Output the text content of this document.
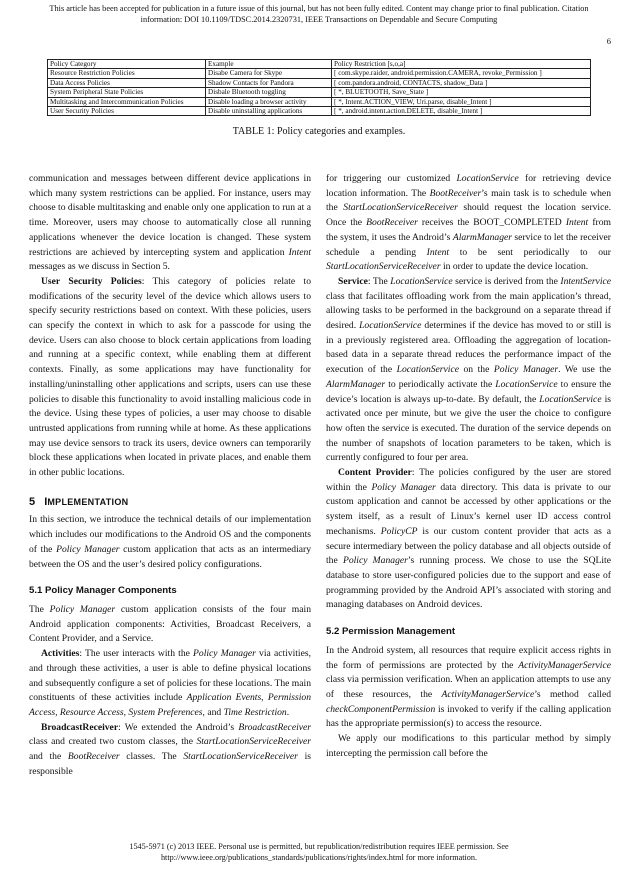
This article has been accepted for publication in a future issue of this journal, but has not been fully edited. Content may change prior to final publication. Citation
information: DOI 10.1109/TDSC.2014.2320731, IEEE Transactions on Dependable and Secure Computing
6
Policy Category	Example	Policy Restriction [s,o,a]
Resource Restriction Policies	Disabe Camera for Skype	[ com.skype.raider, android.permission.CAMERA, revoke_Permission ]
Data Access Policies	Shadow Contacts for Pandora	[ com.pandora.android, CONTACTS, shadow_Data ]
System Peripheral State Policies	Disbale Bluetooth toggling	[ *, BLUETOOTH, Save_State ]
Multitasking and Intercommunication Policies	Disable loading a browser activity	[ *, Intent.ACTION_VIEW, Uri.parse, disable_Intent ]
User Security Policies	Disable uninstalling applications	[ *, android.intent.action.DELETE, disable_Intent ]
TABLE 1: Policy categories and examples.

communication and messages between different device applications in which many system restrictions can be applied. For instance, users may choose to disable multitasking and enable only one application to run at a time. Moreover, users may choose to automatically close all running applications whenever the device location is changed. These system restrictions are achieved by intercepting system and application Intent messages as we discuss in Section 5.

User Security Policies: This category of policies relate to modifications of the security level of the device which allows users to specify security restrictions based on context. With these policies, users can specify the context in which to ask for a passcode for using the device. Users can also choose to block certain applications from loading and running at a specific context, while enabling them at different contexts. Finally, as some applications may have functionality for installing/uninstalling other applications and scripts, users can use these policies to disable this functionality to avoid installing malicious code in the device. Using these types of policies, a user may choose to disable untrusted applications from running while at home. As these applications may use device sensors to track its users, device owners can temporarily block these applications when located in private places, and enable them in other public locations.

5 IMPLEMENTATION

In this section, we introduce the technical details of our implementation which includes our modifications to the Android OS and the components of the Policy Manager custom application that acts as an intermediary between the OS and the user’s desired policy configurations.

5.1 Policy Manager Components

The Policy Manager custom application consists of the four main Android application components: Activities, Broadcast Receivers, a Content Provider, and a Service.

Activities: The user interacts with the Policy Manager via activities, and through these activities, a user is able to define physical locations and subsequently configure a set of policies for these locations. The main constituents of these activities include Application Events, Permission Access, Resource Access, System Preferences, and Time Restriction.

BroadcastReceiver: We extended the Android’s BroadcastReceiver class and created two custom classes, the StartLocationServiceReceiver and the BootReceiver classes. The StartLocationServiceReceiver is responsible

for triggering our customized LocationService for retrieving device location information. The BootReceiver’s main task is to schedule when the StartLocationServiceReceiver should request the location service. Once the BootReceiver receives the BOOT_COMPLETED Intent from the system, it uses the Android’s AlarmManager service to let the receiver schedule a pending Intent to be sent periodically to our StartLocationServiceReceiver in order to update the device location.

Service: The LocationService service is derived from the IntentService class that facilitates offloading work from the main application’s thread, allowing tasks to be performed in the background on a separate thread if desired. LocationService determines if the device has moved to or still is in a previously registered area. Offloading the aggregation of location-based data in a separate thread reduces the performance impact of the execution of the LocationService on the Policy Manager. We use the AlarmManager to periodically activate the LocationService to ensure the device’s location is always up-to-date. By default, the LocationService is activated once per minute, but we give the user the choice to configure how often the service is executed. The duration of the service depends on the number of snapshots of location parameters to be taken, which is currently configured to four per area.

Content Provider: The policies configured by the user are stored within the Policy Manager data directory. This data is private to our custom application and cannot be accessed by other applications or the system itself, as a result of Linux’s kernel user ID access control mechanisms. PolicyCP is our custom content provider that acts as a secure intermediary between the policy database and all objects outside of the Policy Manager’s running process. We chose to use the SQLite database to store user-configured policies due to the support and ease of programming provided by the Android API’s associated with storing and managing databases on Android devices.

5.2 Permission Management

In the Android system, all resources that require explicit access rights in the form of permissions are protected by the ActivityManagerService class via permission verification. When an application attempts to use any of these resources, the ActivityManagerService’s method called checkComponentPermission is invoked to verify if the calling application has the appropriate permission(s) to access the resource.

We apply our modifications to this particular method by simply intercepting the permission call before the

1545-5971 (c) 2013 IEEE. Personal use is permitted, but republication/redistribution requires IEEE permission. See
http://www.ieee.org/publications_standards/publications/rights/index.html for more information.
